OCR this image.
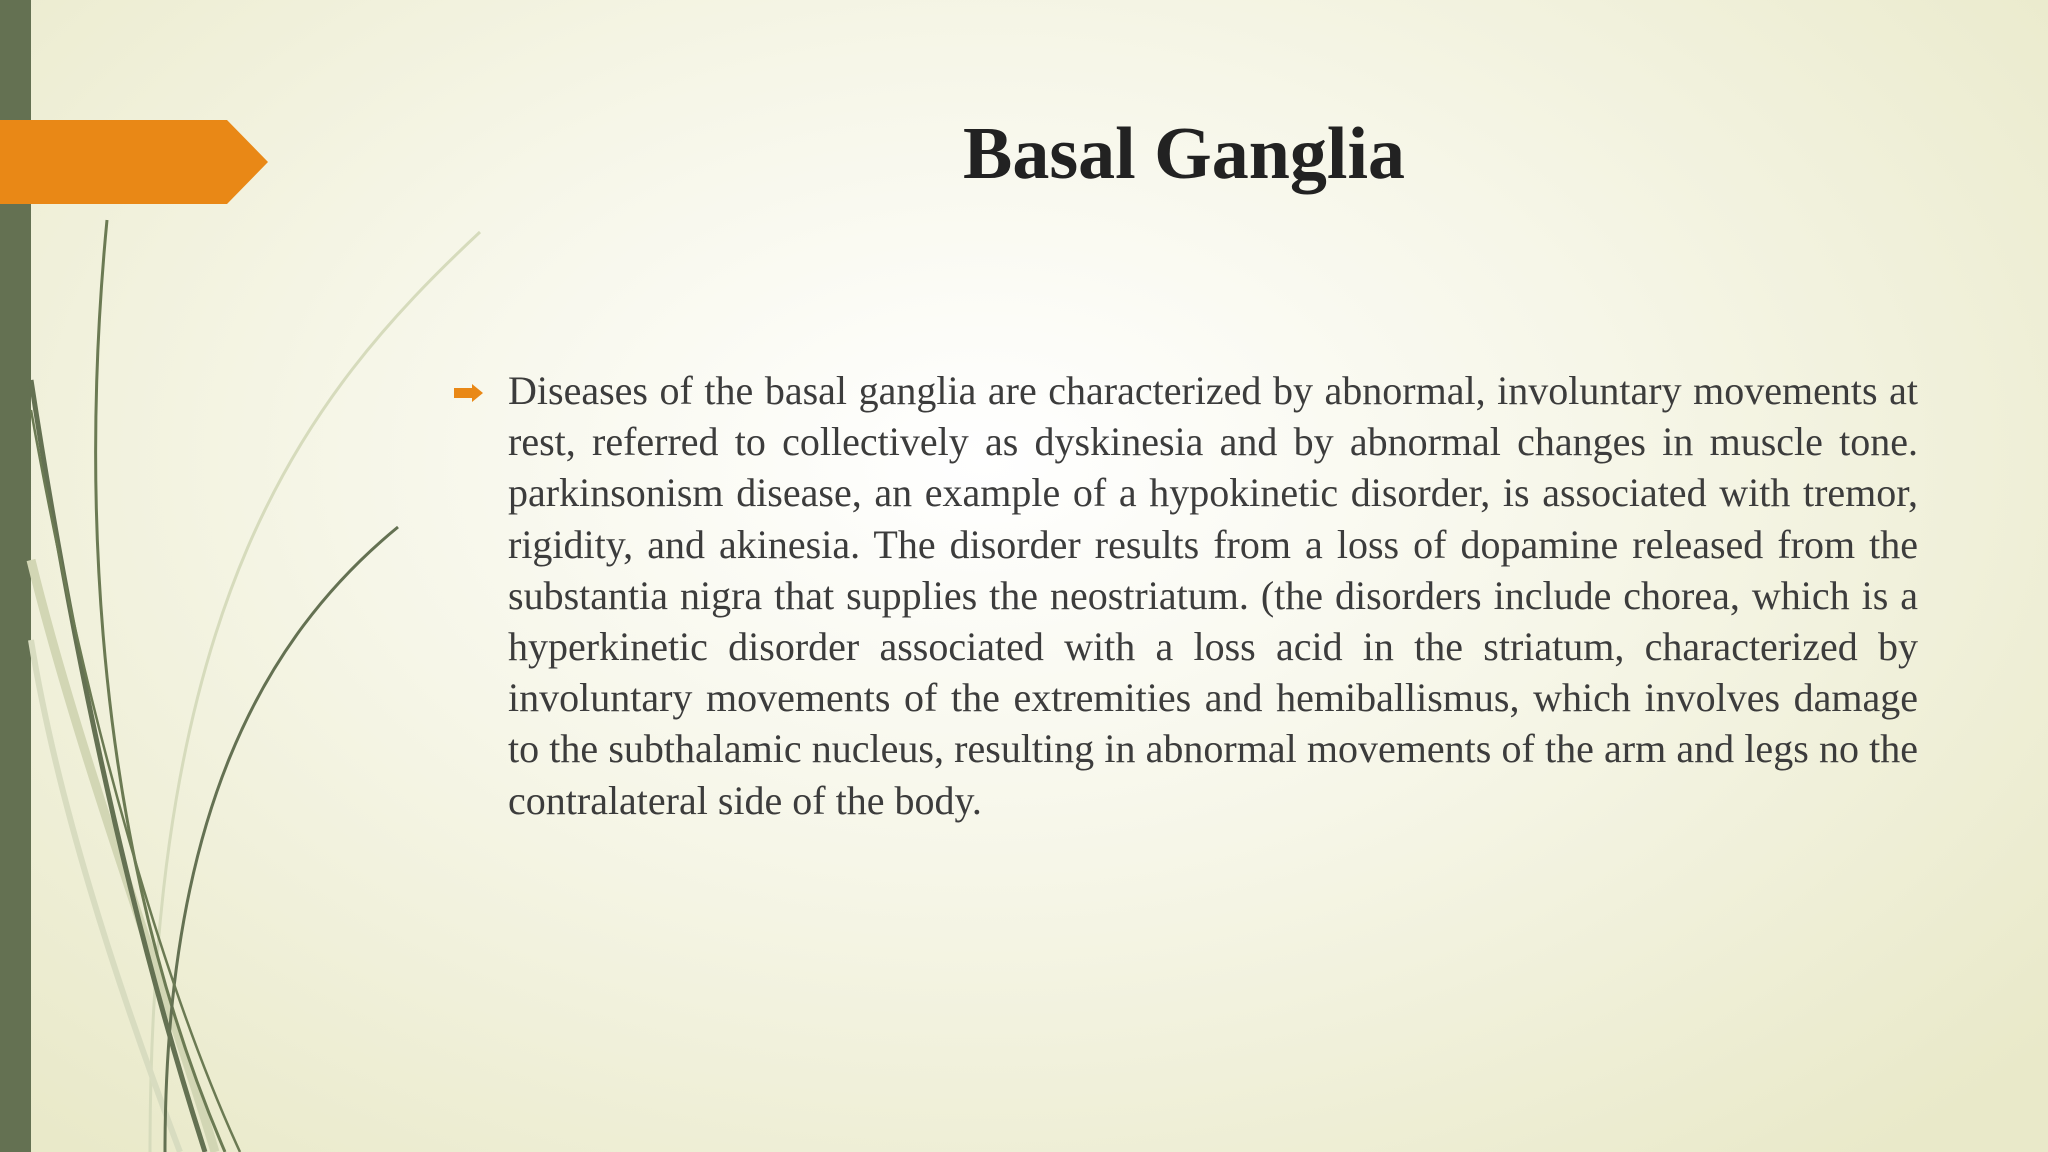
Basal Ganglia

Diseases of the basal ganglia are characterized by abnormal, involuntary movements at rest, referred to collectively as dyskinesia and by abnormal changes in muscle tone. parkinsonism disease, an example of a hypokinetic disorder, is associated with tremor, rigidity, and akinesia. The disorder results from a loss of dopamine released from the substantia nigra that supplies the neostriatum. (the disorders include chorea, which is a hyperkinetic disorder associated with a loss acid in the striatum, characterized by involuntary movements of the extremities and hemiballismus, which involves damage to the subthalamic nucleus, resulting in abnormal movements of the arm and legs no the contralateral side of the body.
